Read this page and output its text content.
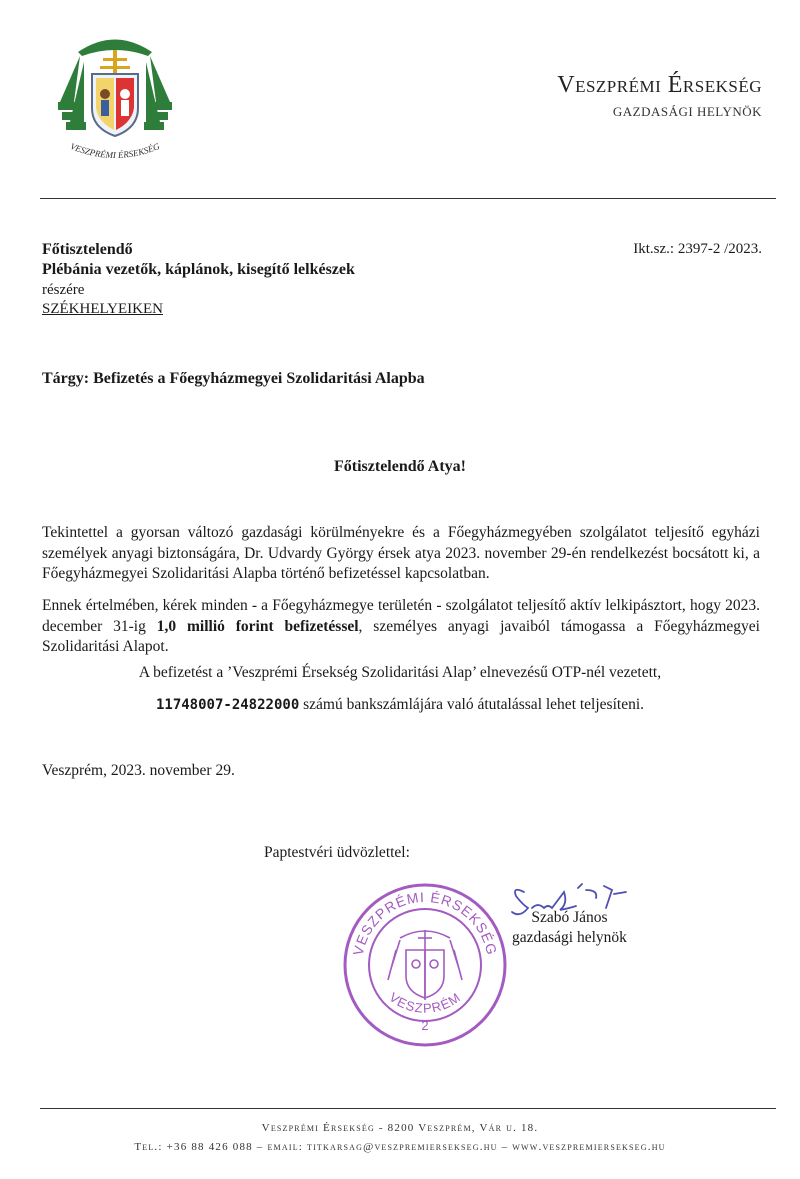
VESZPRÉMI ÉRSEKSÉG
Veszprémi Érsekség
GAZDASÁGI HELYNÖK
Főtisztelendő
Plébánia vezetők, káplánok, kisegítő lelkészek
részére
SZÉKHELYEIKEN
Ikt.sz.: 2397-2 /2023.
Tárgy: Befizetés a Főegyházmegyei Szolidaritási Alapba
Főtisztelendő Atya!
Tekintettel a gyorsan változó gazdasági körülményekre és a Főegyházmegyében szolgálatot teljesítő egyházi személyek anyagi biztonságára, Dr. Udvardy György érsek atya 2023. november 29-én rendelkezést bocsátott ki, a Főegyházmegyei Szolidaritási Alapba történő befizetéssel kapcsolatban.
Ennek értelmében, kérek minden - a Főegyházmegye területén - szolgálatot teljesítő aktív lelkipásztort, hogy 2023. december 31-ig 1,0 millió forint befizetéssel, személyes anyagi javaiból támogassa a Főegyházmegyei Szolidaritási Alapot.
A befizetést a ’Veszprémi Érsekség Szolidaritási Alap’ elnevezésű OTP-nél vezetett,
11748007-24822000 számú bankszámlájára való átutalással lehet teljesíteni.
Veszprém, 2023. november 29.
Paptestvéri üdvözlettel:
VESZPRÉMI ÉRSEKSÉG
VESZPRÉM
2
Szabó János
gazdasági helynök
Veszprémi Érsekség - 8200 Veszprém, Vár u. 18.
Tel.: +36 88 426 088 – email: titkarsag@veszpremiersekseg.hu – www.veszpremiersekseg.hu
